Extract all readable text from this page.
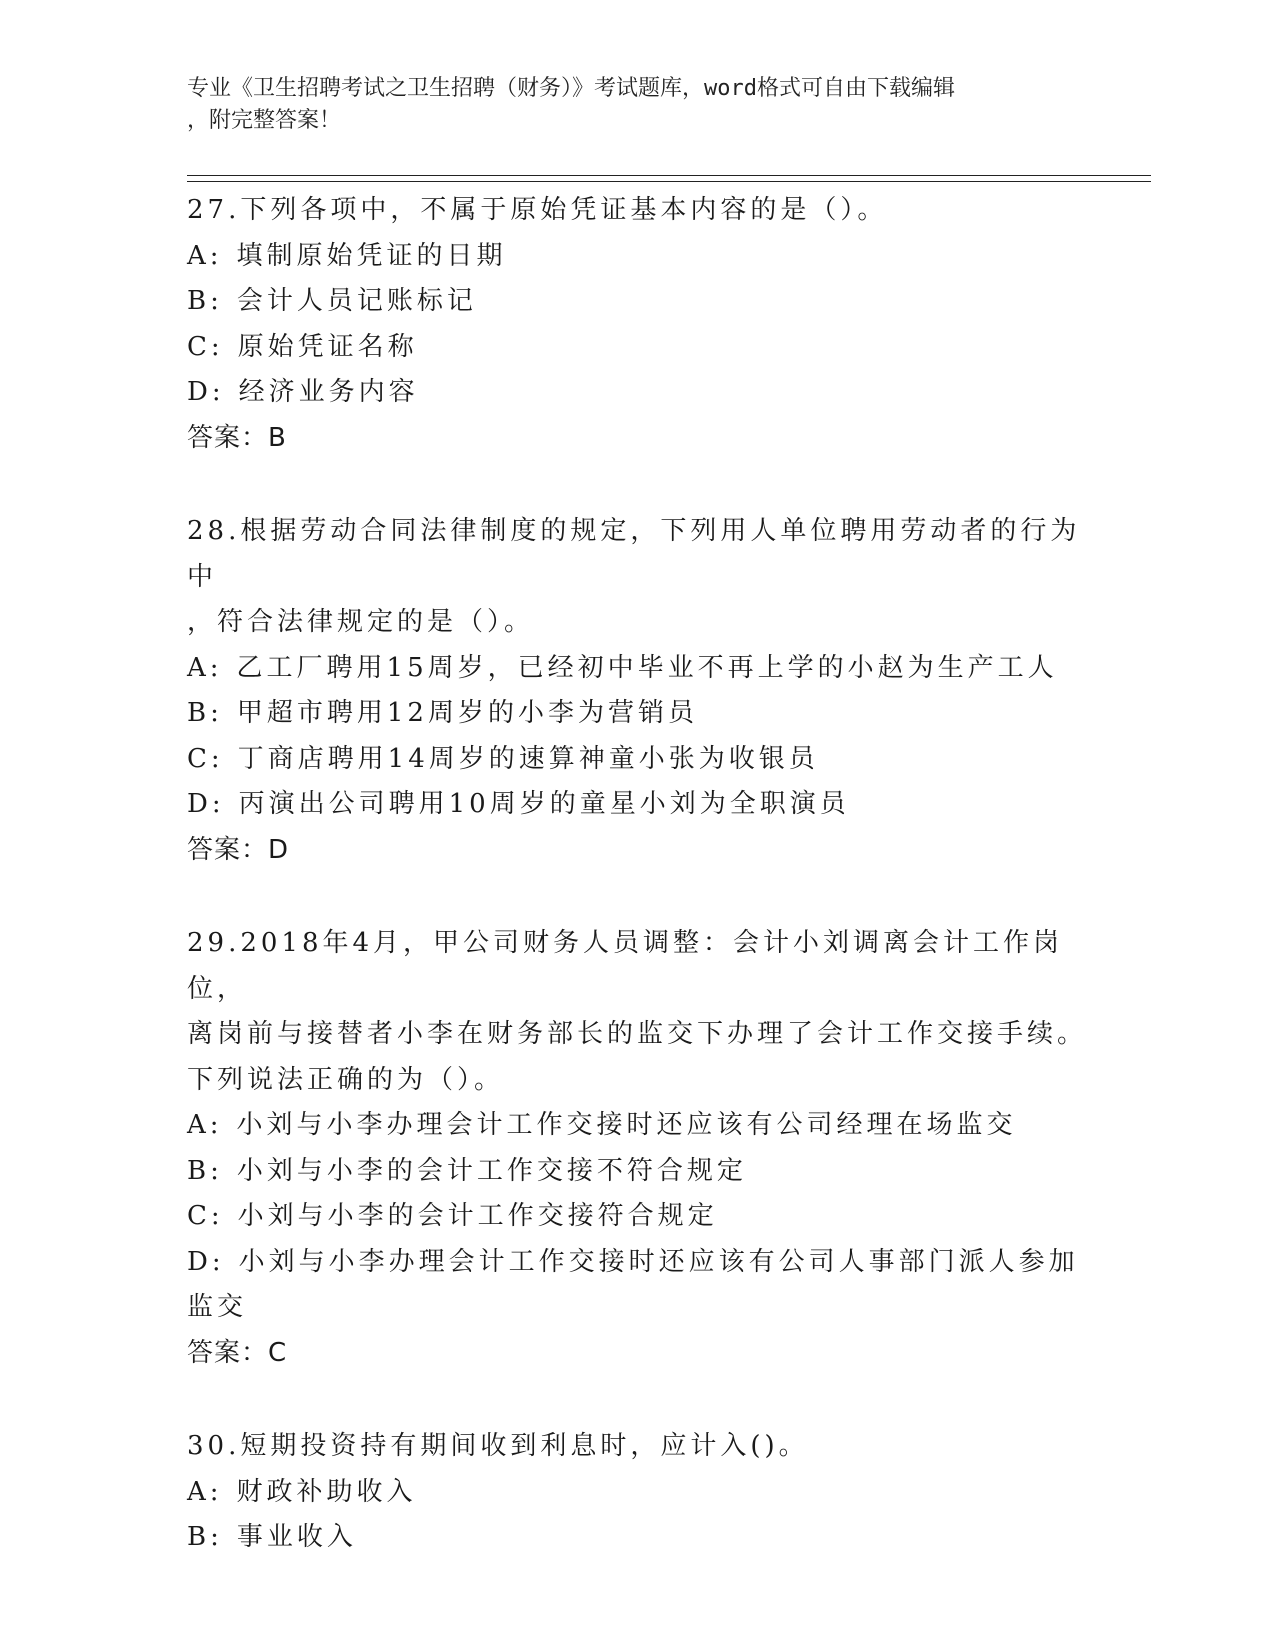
专业《卫生招聘考试之卫生招聘（财务）》考试题库，word格式可自由下载编辑
，附完整答案！

27.下列各项中，不属于原始凭证基本内容的是（）。

A: 填制原始凭证的日期

B: 会计人员记账标记

C: 原始凭证名称

D: 经济业务内容

答案：B

28.根据劳动合同法律制度的规定，下列用人单位聘用劳动者的行为中

，符合法律规定的是（）。

A: 乙工厂聘用15周岁，已经初中毕业不再上学的小赵为生产工人

B: 甲超市聘用12周岁的小李为营销员

C: 丁商店聘用14周岁的速算神童小张为收银员

D: 丙演出公司聘用10周岁的童星小刘为全职演员

答案：D

29.2018年4月，甲公司财务人员调整：会计小刘调离会计工作岗位，

离岗前与接替者小李在财务部长的监交下办理了会计工作交接手续。

下列说法正确的为（）。

A: 小刘与小李办理会计工作交接时还应该有公司经理在场监交

B: 小刘与小李的会计工作交接不符合规定

C: 小刘与小李的会计工作交接符合规定

D: 小刘与小李办理会计工作交接时还应该有公司人事部门派人参加监交

答案：C

30.短期投资持有期间收到利息时，应计入()。

A: 财政补助收入

B: 事业收入
